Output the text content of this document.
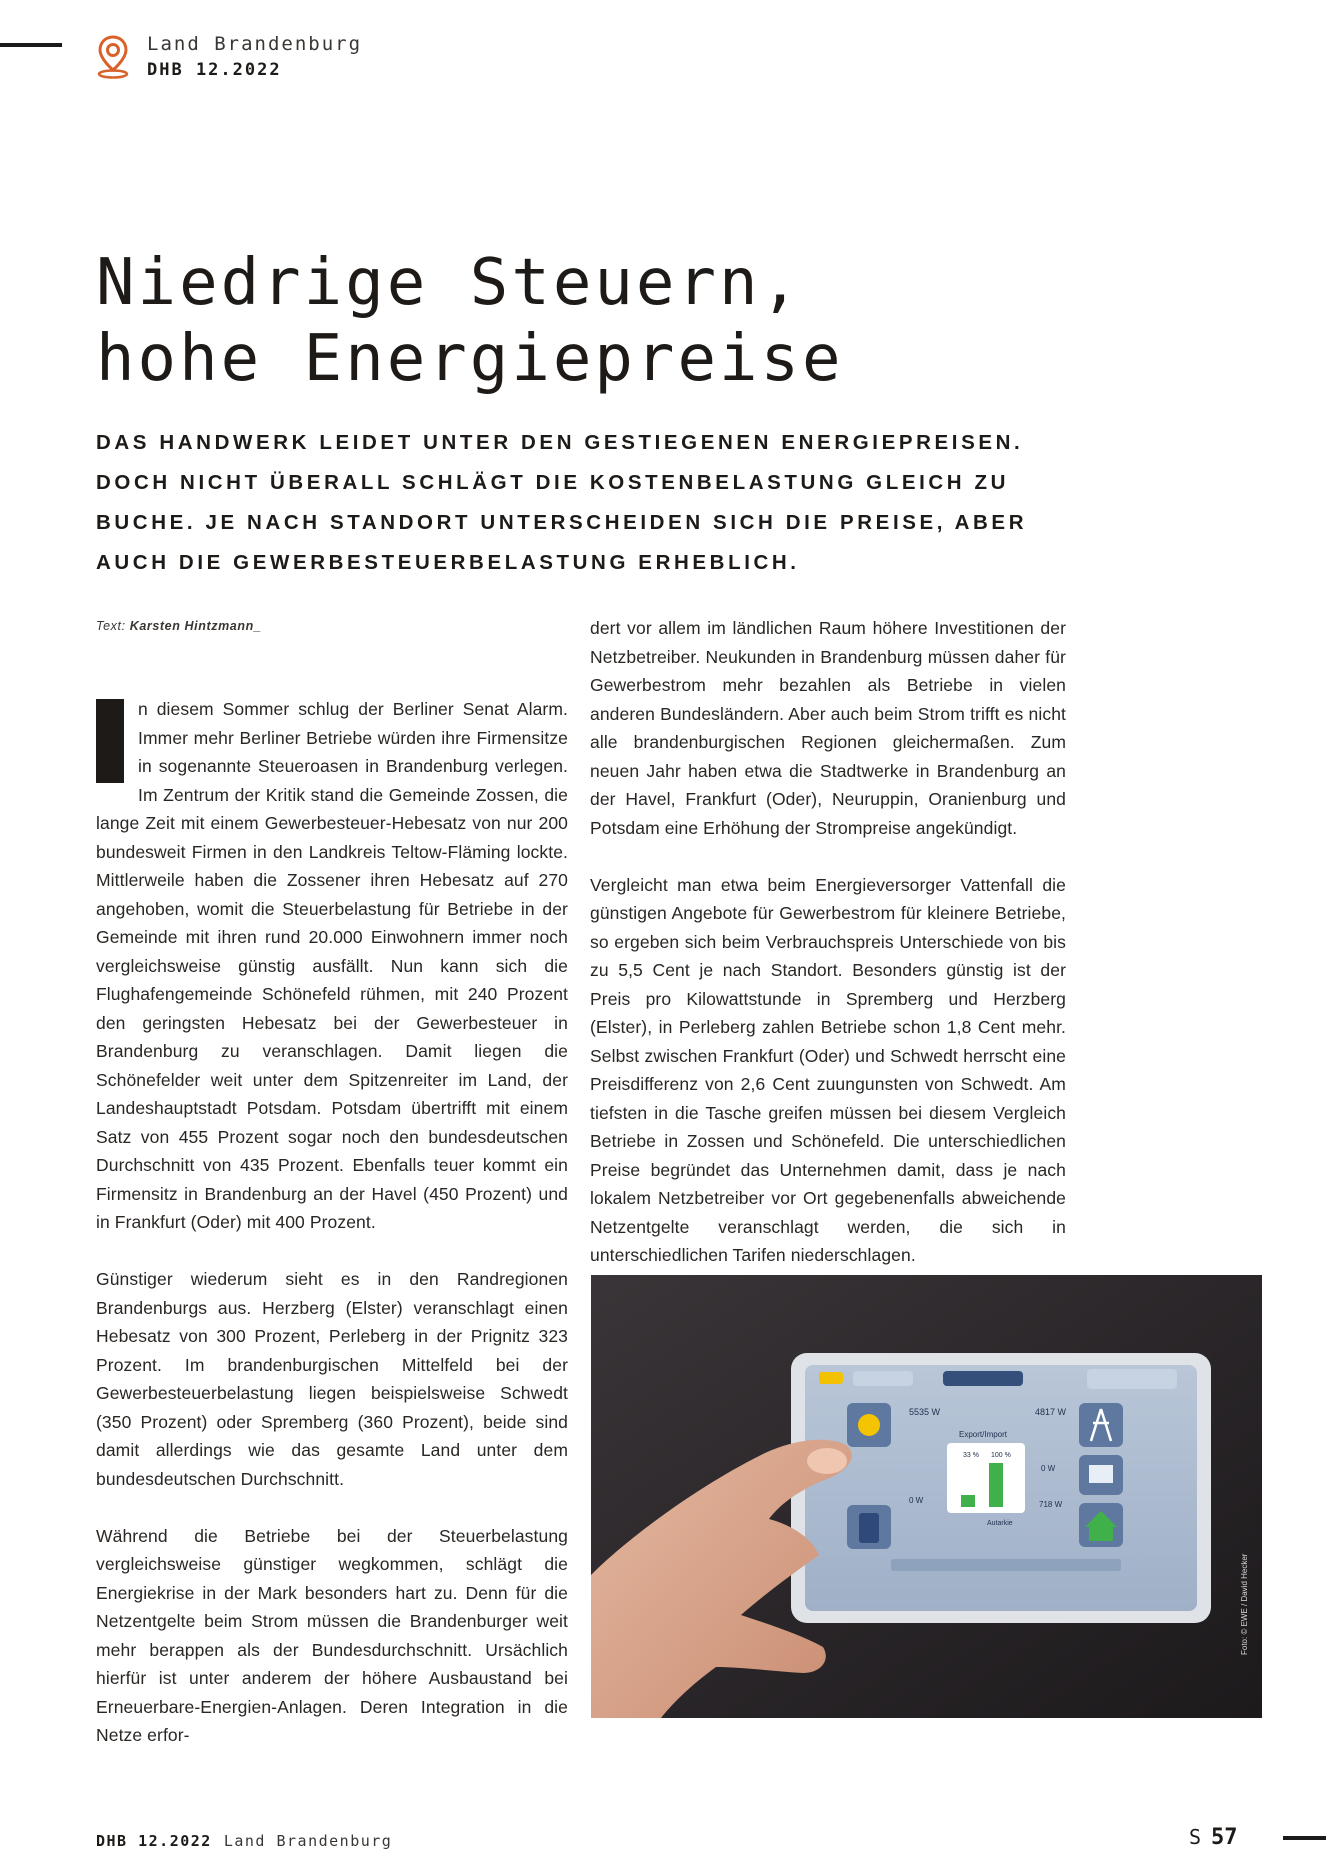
Land Brandenburg
DHB 12.2022
Niedrige Steuern,
hohe Energiepreise

DAS HANDWERK LEIDET UNTER DEN GESTIEGENEN ENERGIEPREISEN. DOCH NICHT ÜBERALL SCHLÄGT DIE KOSTENBELASTUNG GLEICH ZU BUCHE. JE NACH STANDORT UNTERSCHEIDEN SICH DIE PREISE, ABER AUCH DIE GEWERBESTEUERBELASTUNG ERHEBLICH.

Text: Karsten Hintzmann_

n diesem Sommer schlug der Berliner Senat Alarm. Immer mehr Berliner Betriebe würden ihre Firmensitze in sogenannte Steueroasen in Brandenburg verlegen. Im Zentrum der Kritik stand die Gemeinde Zossen, die lange Zeit mit einem Gewerbesteuer-Hebesatz von nur 200 bundesweit Firmen in den Landkreis Teltow-Fläming lockte. Mittlerweile haben die Zossener ihren Hebesatz auf 270 angehoben, womit die Steuerbelastung für Betriebe in der Gemeinde mit ihren rund 20.000 Einwohnern immer noch vergleichsweise günstig ausfällt. Nun kann sich die Flughafengemeinde Schönefeld rühmen, mit 240 Prozent den geringsten Hebesatz bei der Gewerbesteuer in Brandenburg zu veranschlagen. Damit liegen die Schönefelder weit unter dem Spitzenreiter im Land, der Landeshauptstadt Potsdam. Potsdam übertrifft mit einem Satz von 455 Prozent sogar noch den bundesdeutschen Durchschnitt von 435 Prozent. Ebenfalls teuer kommt ein Firmensitz in Brandenburg an der Havel (450 Prozent) und in Frankfurt (Oder) mit 400 Prozent.

Günstiger wiederum sieht es in den Randregionen Brandenburgs aus. Herzberg (Elster) veranschlagt einen Hebesatz von 300 Prozent, Perleberg in der Prignitz 323 Prozent. Im brandenburgischen Mittelfeld bei der Gewerbesteuerbelastung liegen beispielsweise Schwedt (350 Prozent) oder Spremberg (360 Prozent), beide sind damit allerdings wie das gesamte Land unter dem bundesdeutschen Durchschnitt.

Während die Betriebe bei der Steuerbelastung vergleichsweise günstiger wegkommen, schlägt die Energiekrise in der Mark besonders hart zu. Denn für die Netzentgelte beim Strom müssen die Brandenburger weit mehr berappen als der Bundesdurchschnitt. Ursächlich hierfür ist unter anderem der höhere Ausbaustand bei Erneuerbare-Energien-Anlagen. Deren Integration in die Netze erfor-

dert vor allem im ländlichen Raum höhere Investitionen der Netzbetreiber. Neukunden in Brandenburg müssen daher für Gewerbestrom mehr bezahlen als Betriebe in vielen anderen Bundesländern. Aber auch beim Strom trifft es nicht alle brandenburgischen Regionen gleichermaßen. Zum neuen Jahr haben etwa die Stadtwerke in Brandenburg an der Havel, Frankfurt (Oder), Neuruppin, Oranienburg und Potsdam eine Erhöhung der Strompreise angekündigt.

Vergleicht man etwa beim Energieversorger Vattenfall die günstigen Angebote für Gewerbestrom für kleinere Betriebe, so ergeben sich beim Verbrauchspreis Unterschiede von bis zu 5,5 Cent je nach Standort. Besonders günstig ist der Preis pro Kilowattstunde in Spremberg und Herzberg (Elster), in Perleberg zahlen Betriebe schon 1,8 Cent mehr. Selbst zwischen Frankfurt (Oder) und Schwedt herrscht eine Preisdifferenz von 2,6 Cent zuungunsten von Schwedt. Am tiefsten in die Tasche greifen müssen bei diesem Vergleich Betriebe in Zossen und Schönefeld. Die unterschiedlichen Preise begründet das Unternehmen damit, dass je nach lokalem Netzbetreiber vor Ort gegebenenfalls abweichende Netzentgelte veranschlagt werden, die sich in unterschiedlichen Tarifen niederschlagen.

5535 W	4817 W
Export/Import
33 % 100 %
0 W
0 W
718 W
Autarkie
Foto: © EWE / David Hecker
DHB 12.2022 Land Brandenburg	S 57
